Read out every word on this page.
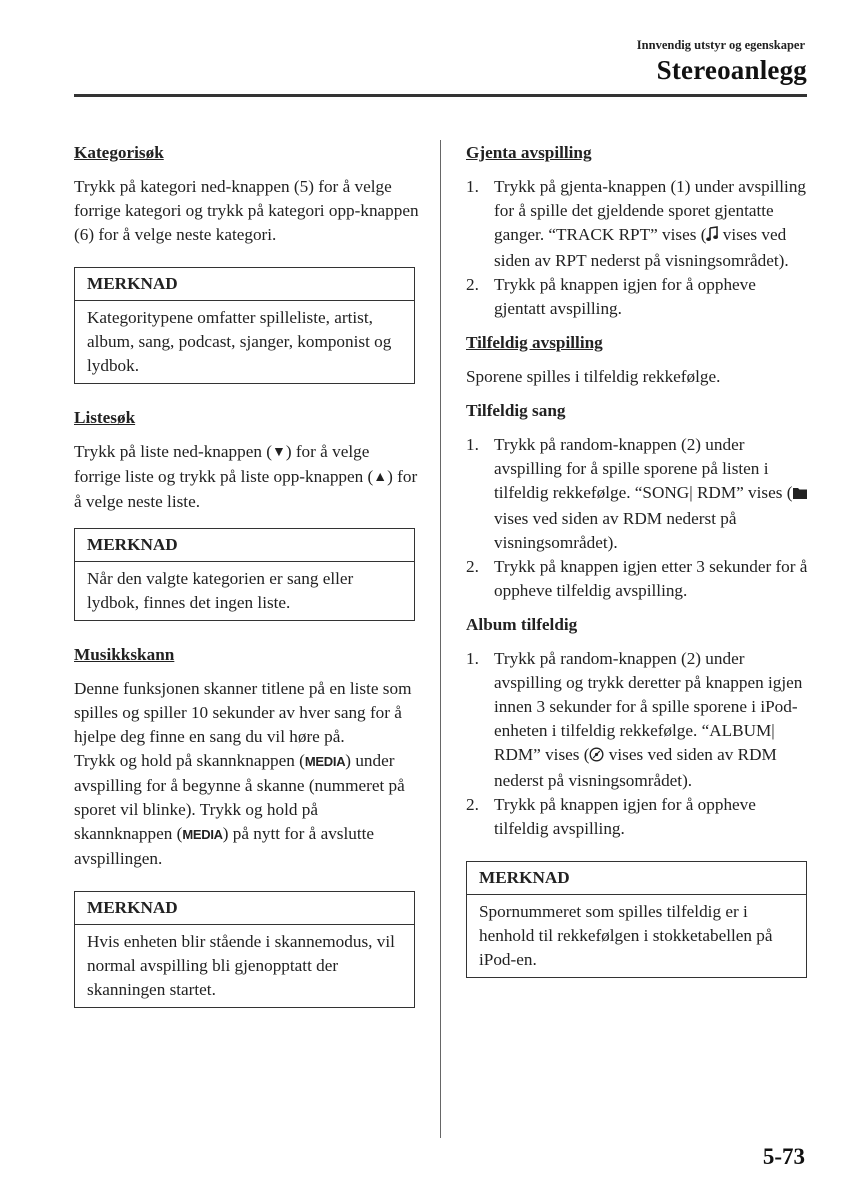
Innvendig utstyr og egenskaper
Stereoanlegg

Kategorisøk

Trykk på kategori ned-knappen (5) for å velge forrige kategori og trykk på kategori opp-knappen (6) for å velge neste kategori.

MERKNAD
Kategoritypene omfatter spilleliste, artist, album, sang, podcast, sjanger, komponist og lydbok.

Listesøk

Trykk på liste ned-knappen (▼) for å velge forrige liste og trykk på liste opp-knappen (▲) for å velge neste liste.

MERKNAD
Når den valgte kategorien er sang eller lydbok, finnes det ingen liste.

Musikkskann

Denne funksjonen skanner titlene på en liste som spilles og spiller 10 sekunder av hver sang for å hjelpe deg finne en sang du vil høre på.

Trykk og hold på skannknappen (MEDIA) under avspilling for å begynne å skanne (nummeret på sporet vil blinke). Trykk og hold på skannknappen (MEDIA) på nytt for å avslutte avspillingen.

MERKNAD
Hvis enheten blir stående i skannemodus, vil normal avspilling bli gjenopptatt der skanningen startet.

Gjenta avspilling

1. Trykk på gjenta-knappen (1) under avspilling for å spille det gjeldende sporet gjentatte ganger. “TRACK RPT” vises ( vises ved siden av RPT nederst på visningsområdet).
2. Trykk på knappen igjen for å oppheve gjentatt avspilling.

Tilfeldig avspilling

Sporene spilles i tilfeldig rekkefølge.

Tilfeldig sang

1. Trykk på random-knappen (2) under avspilling for å spille sporene på listen i tilfeldig rekkefølge. “SONG| RDM” vises ( vises ved siden av RDM nederst på visningsområdet).
2. Trykk på knappen igjen etter 3 sekunder for å oppheve tilfeldig avspilling.

Album tilfeldig

1. Trykk på random-knappen (2) under avspilling og trykk deretter på knappen igjen innen 3 sekunder for å spille sporene i iPod-enheten i tilfeldig rekkefølge. “ALBUM| RDM” vises ( vises ved siden av RDM nederst på visningsområdet).
2. Trykk på knappen igjen for å oppheve tilfeldig avspilling.
MERKNAD
Spornummeret som spilles tilfeldig er i henhold til rekkefølgen i stokketabellen på iPod-en.
5-73
